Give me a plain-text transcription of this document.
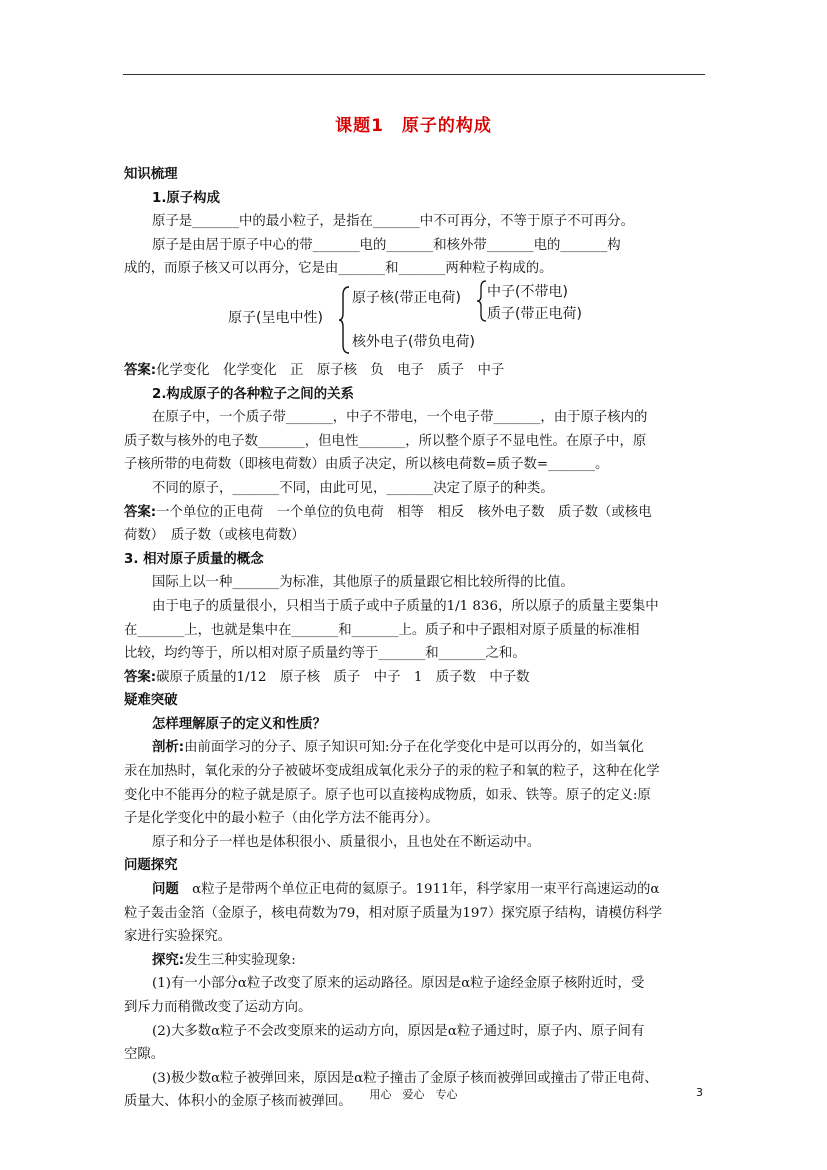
课题1　原子的构成
知识梳理
1.原子构成
原子是_______中的最小粒子，是指在_______中不可再分，不等于原子不可再分。
原子是由居于原子中心的带_______电的_______和核外带_______电的_______构
成的，而原子核又可以再分，它是由_______和_______两种粒子构成的。
原子(呈电中性)
原子核(带正电荷)
核外电子(带负电荷)
中子(不带电)
质子(带正电荷)
答案:化学变化　化学变化　正　原子核　负　电子　质子　中子
2.构成原子的各种粒子之间的关系
在原子中，一个质子带_______，中子不带电，一个电子带_______，由于原子核内的
质子数与核外的电子数_______，但电性_______，所以整个原子不显电性。在原子中，原
子核所带的电荷数（即核电荷数）由质子决定，所以核电荷数=质子数=_______。
不同的原子，_______不同，由此可见，_______决定了原子的种类。
答案:一个单位的正电荷　一个单位的负电荷　相等　相反　核外电子数　质子数（或核电
荷数）　质子数（或核电荷数）
3. 相对原子质量的概念
国际上以一种_______为标准，其他原子的质量跟它相比较所得的比值。
由于电子的质量很小，只相当于质子或中子质量的1/1 836，所以原子的质量主要集中
在_______上，也就是集中在_______和_______上。质子和中子跟相对原子质量的标准相
比较，均约等于，所以相对原子质量约等于_______和_______之和。
答案:碳原子质量的1/12　原子核　质子　中子　1　质子数　中子数
疑难突破
怎样理解原子的定义和性质？
剖析:由前面学习的分子、原子知识可知:分子在化学变化中是可以再分的，如当氧化
汞在加热时，氧化汞的分子被破坏变成组成氧化汞分子的汞的粒子和氧的粒子，这种在化学
变化中不能再分的粒子就是原子。原子也可以直接构成物质，如汞、铁等。原子的定义:原
子是化学变化中的最小粒子（由化学方法不能再分）。
原子和分子一样也是体积很小、质量很小，且也处在不断运动中。
问题探究
问题　α粒子是带两个单位正电荷的氦原子。1911年，科学家用一束平行高速运动的α
粒子轰击金箔（金原子，核电荷数为79，相对原子质量为197）探究原子结构，请模仿科学
家进行实验探究。
探究:发生三种实验现象:
(1)有一小部分α粒子改变了原来的运动路径。原因是α粒子途经金原子核附近时，受
到斥力而稍微改变了运动方向。
(2)大多数α粒子不会改变原来的运动方向，原因是α粒子通过时，原子内、原子间有
空隙。
(3)极少数α粒子被弹回来，原因是α粒子撞击了金原子核而被弹回或撞击了带正电荷、
质量大、体积小的金原子核而被弹回。	用心　爱心　专心	3
